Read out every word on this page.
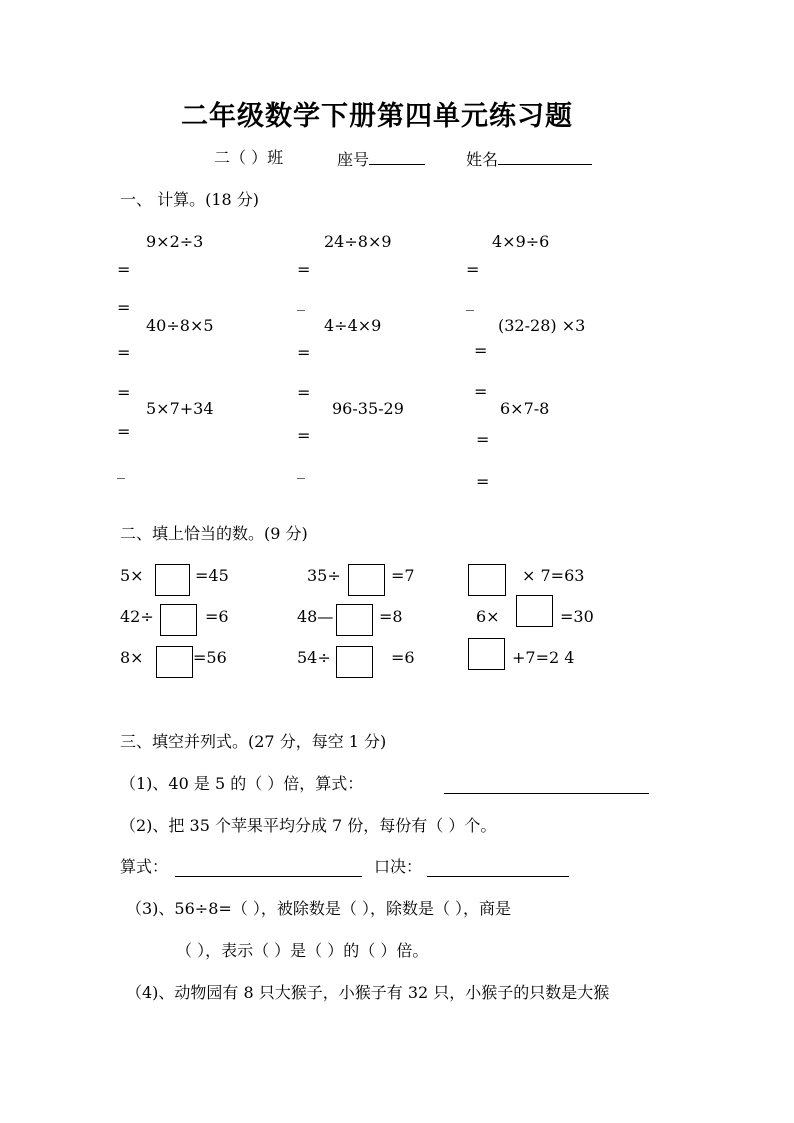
二年级数学下册第四单元练习题
二（ ）班	座号	姓名
一、 计算。(18 分)
9×2÷3	24÷8×9	4×9÷6
=	=	=
=	_	_
40÷8×5	4÷4×9	(32-28) ×3
=	=	=
=	=	=
5×7+34	96-35-29	6×7-8
=	=	=
_	_
=
二、填上恰当的数。(9 分)
5×	=45	35÷	=7	× 7=63
42÷	=6	48—	=8	6×	=30
8×	=56	54÷	=6	+7=2 4
三、填空并列式。(27 分，每空 1 分)
（1)、40 是 5 的（ ）倍，算式：
（2)、把 35 个苹果平均分成 7 份，每份有（ ）个。
算式：	口决：
（3)、56÷8=（ ），被除数是（ ），除数是（ ），商是
（ ），表示（ ）是（ ）的（ ）倍。
（4)、动物园有 8 只大猴子，小猴子有 32 只，小猴子的只数是大猴
